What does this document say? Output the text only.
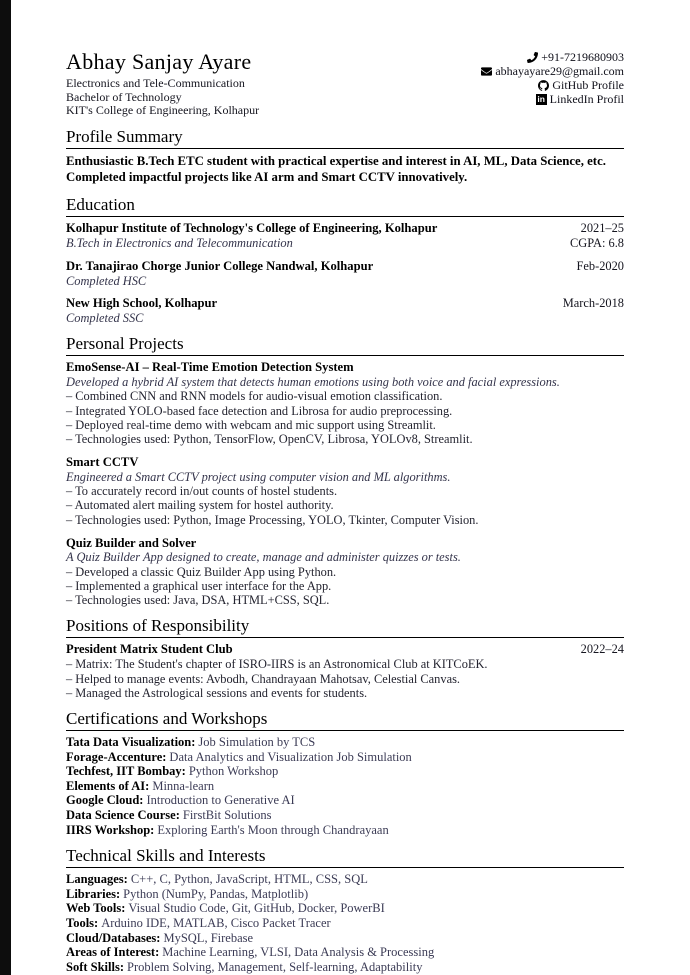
Abhay Sanjay Ayare
Electronics and Tele-Communication
Bachelor of Technology
KIT's College of Engineering, Kolhapur
+91-7219680903
abhayayare29@gmail.com
GitHub Profile
in LinkedIn Profil
Profile Summary
Enthusiastic B.Tech ETC student with practical expertise and interest in AI, ML, Data Science, etc. Completed impactful projects like AI arm and Smart CCTV innovatively.
Education
Kolhapur Institute of Technology's College of Engineering, Kolhapur	2021–25
B.Tech in Electronics and Telecommunication	CGPA: 6.8
Dr. Tanajirao Chorge Junior College Nandwal, Kolhapur	Feb-2020
Completed HSC
New High School, Kolhapur	March-2018
Completed SSC
Personal Projects
EmoSense-AI – Real-Time Emotion Detection System
Developed a hybrid AI system that detects human emotions using both voice and facial expressions.
– Combined CNN and RNN models for audio-visual emotion classification.
– Integrated YOLO-based face detection and Librosa for audio preprocessing.
– Deployed real-time demo with webcam and mic support using Streamlit.
– Technologies used: Python, TensorFlow, OpenCV, Librosa, YOLOv8, Streamlit.
Smart CCTV
Engineered a Smart CCTV project using computer vision and ML algorithms.
– To accurately record in/out counts of hostel students.
– Automated alert mailing system for hostel authority.
– Technologies used: Python, Image Processing, YOLO, Tkinter, Computer Vision.
Quiz Builder and Solver
A Quiz Builder App designed to create, manage and administer quizzes or tests.
– Developed a classic Quiz Builder App using Python.
– Implemented a graphical user interface for the App.
– Technologies used: Java, DSA, HTML+CSS, SQL.
Positions of Responsibility
President Matrix Student Club	2022–24
– Matrix: The Student's chapter of ISRO-IIRS is an Astronomical Club at KITCoEK.
– Helped to manage events: Avbodh, Chandrayaan Mahotsav, Celestial Canvas.
– Managed the Astrological sessions and events for students.
Certifications and Workshops
Tata Data Visualization: Job Simulation by TCS
Forage-Accenture: Data Analytics and Visualization Job Simulation
Techfest, IIT Bombay: Python Workshop
Elements of AI: Minna-learn
Google Cloud: Introduction to Generative AI
Data Science Course: FirstBit Solutions
IIRS Workshop: Exploring Earth's Moon through Chandrayaan
Technical Skills and Interests
Languages: C++, C, Python, JavaScript, HTML, CSS, SQL
Libraries: Python (NumPy, Pandas, Matplotlib)
Web Tools: Visual Studio Code, Git, GitHub, Docker, PowerBI
Tools: Arduino IDE, MATLAB, Cisco Packet Tracer
Cloud/Databases: MySQL, Firebase
Areas of Interest: Machine Learning, VLSI, Data Analysis & Processing
Soft Skills: Problem Solving, Management, Self-learning, Adaptability
